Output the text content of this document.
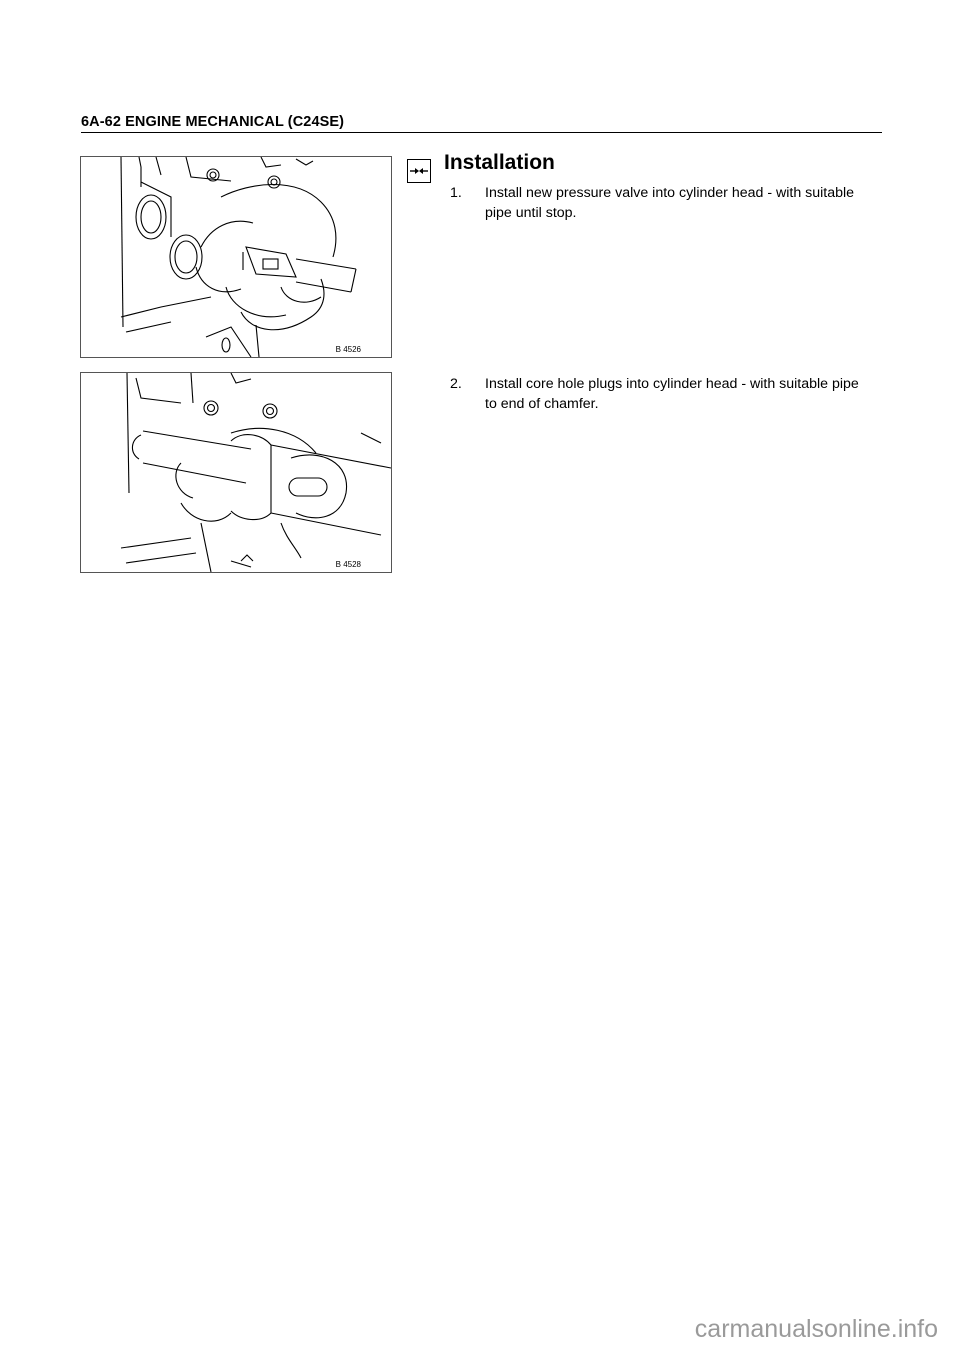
6A-62 ENGINE MECHANICAL (C24SE)
B 4526
B 4528
Installation
1. Install new pressure valve into cylinder head - with suitable pipe until stop.
2. Install core hole plugs into cylinder head - with suitable pipe to end of chamfer.
carmanualsonline.info
